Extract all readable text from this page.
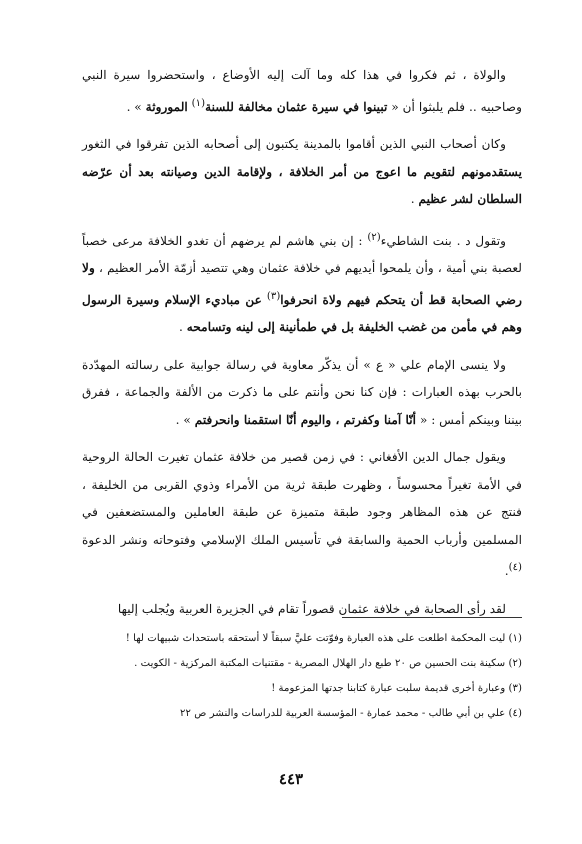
والولاة ، ثم فكروا في هذا كله وما آلت إليه الأوضاع ، واستحضروا سيرة النبي وصاحبيه .. فلم يلبثوا أن « تبينوا في سيرة عثمان مخالفة للسنة$^{(١)}$ الموروثة » .

وكان أصحاب النبي الذين أقاموا بالمدينة يكتبون إلى أصحابه الذين تفرقوا في الثغور يستقدمونهم لتقويم ما اعوج من أمر الخلافة ، ولإقامة الدين وصيانته بعد أن عرّضه السلطان لشر عظيم .

وتقول د . بنت الشاطيء$^{(٢)}$ : إن بني هاشم لم يرضهم أن تغدو الخلافة مرعى خصباً لعصبة بني أمية ، وأن يلمحوا أيديهم في خلافة عثمان وهي تتصيد أزمّة الأمر العظيم ، ولا رضي الصحابة قط أن يتحكم فيهم ولاة انحرفوا$^{(٣)}$ عن مباديء الإسلام وسيرة الرسول وهم في مأمن من غضب الخليفة بل في طمأنينة إلى لينه وتسامحه .

ولا ينسى الإمام علي « ع » أن يذكّر معاوية في رسالة جوابية على رسالته المهدّدة بالحرب بهذه العبارات : فإن كنا نحن وأنتم على ما ذكرت من الألفة والجماعة ، ففرق بيننا وبينكم أمس : « أنّا آمنا وكفرتم ، واليوم أنّا استقمنا وانحرفتم » .

ويقول جمال الدين الأفغاني : في زمن قصير من خلافة عثمان تغيرت الحالة الروحية في الأمة تغيراً محسوساً ، وظهرت طبقة ثرية من الأمراء وذوي القربى من الخليفة ، فنتج عن هذه المظاهر وجود طبقة متميزة عن طبقة العاملين والمستضعفين في المسلمين وأرباب الحمية والسابقة في تأسيس الملك الإسلامي وفتوحاته ونشر الدعوة $^{(٤)}$.

لقد رأى الصحابة في خلافة عثمان قصوراً تقام في الجزيرة العربية ويُجلب إليها

(١) ليت المحكمة اطلعت على هذه العبارة وفوّتت عليَّ سبقاً لا أستحقه باستحداث شبيهات لها !
(٢) سكينة بنت الحسين ص ٢٠ طبع دار الهلال المصرية - مقتنيات المكتبة المركزية - الكويت .
(٣) وعبارة أخرى قديمة سلبت عبارة كتابنا جدتها المزعومة !
(٤) علي بن أبي طالب - محمد عمارة - المؤسسة العربية للدراسات والنشر ص ٢٢
٤٤٣
